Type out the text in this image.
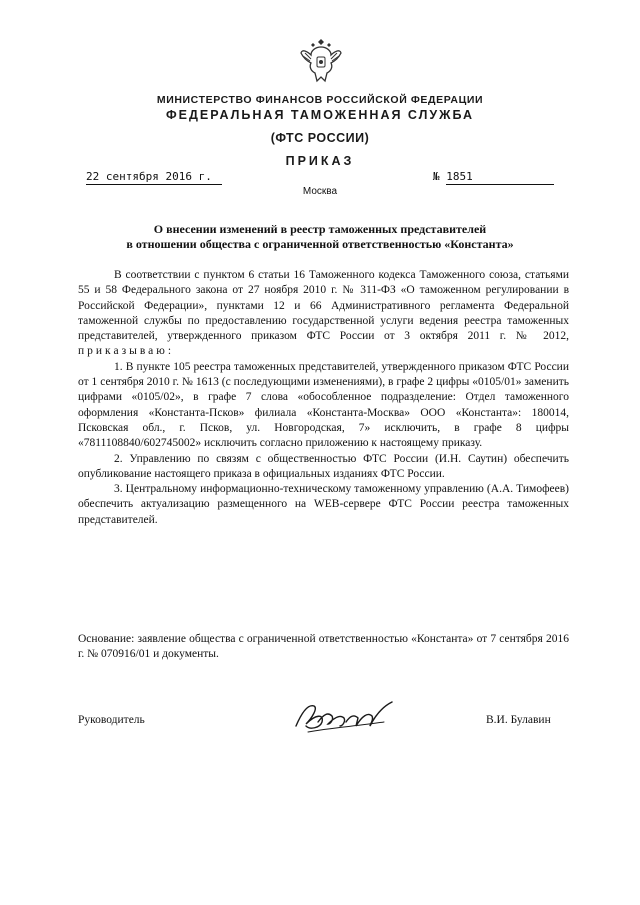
МИНИСТЕРСТВО ФИНАНСОВ РОССИЙСКОЙ ФЕДЕРАЦИИ
ФЕДЕРАЛЬНАЯ ТАМОЖЕННАЯ СЛУЖБА
(ФТС РОССИИ)
ПРИКАЗ
22 сентября 2016 г.	№ 1851
Москва
О внесении изменений в реестр таможенных представителей
в отношении общества с ограниченной ответственностью «Константа»

В соответствии с пунктом 6 статьи 16 Таможенного кодекса Таможенного союза, статьями 55 и 58 Федерального закона от 27 ноября 2010 г. № 311-ФЗ «О таможенном регулировании в Российской Федерации», пунктами 12 и 66 Административного регламента Федеральной таможенной службы по предоставлению государственной услуги ведения реестра таможенных представителей, утвержденного приказом ФТС России от 3 октября 2011 г. № 2012, приказываю:

1. В пункте 105 реестра таможенных представителей, утвержденного приказом ФТС России от 1 сентября 2010 г. № 1613 (с последующими изменениями), в графе 2 цифры «0105/01» заменить цифрами «0105/02», в графе 7 слова «обособленное подразделение: Отдел таможенного оформления «Константа-Псков» филиала «Константа-Москва» ООО «Константа»: 180014, Псковская обл., г. Псков, ул. Новгородская, 7» исключить, в графе 8 цифры «7811108840/602745002» исключить согласно приложению к настоящему приказу.

2. Управлению по связям с общественностью ФТС России (И.Н. Саутин) обеспечить опубликование настоящего приказа в официальных изданиях ФТС России.

3. Центральному информационно-техническому таможенному управлению (А.А. Тимофеев) обеспечить актуализацию размещенного на WEB-сервере ФТС России реестра таможенных представителей.

Основание: заявление общества с ограниченной ответственностью «Константа» от 7 сентября 2016 г. № 070916/01 и документы.
Руководитель	В.И. Булавин
